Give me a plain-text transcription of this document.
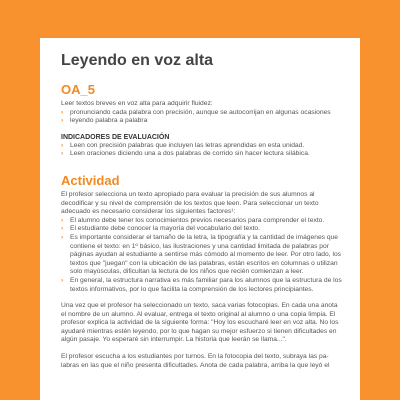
Leyendo en voz alta
OA_5

Leer textos breves en voz alta para adquirir fluidez:

› pronunciando cada palabra con precisión, aunque se autocorrijan en algunas ocasiones
› leyendo palabra a palabra
INDICADORES DE EVALUACIÓN
› Leen con precisión palabras que incluyen las letras aprendidas en esta unidad.
› Leen oraciones diciendo una a dos palabras de corrido sin hacer lectura silábica.
Actividad
El profesor selecciona un texto apropiado para evaluar la precisión de sus alumnos al
decodificar y su nivel de comprensión de los textos que leen. Para seleccionar un texto
adecuado es necesario considerar los siguientes factores¹:
› El alumno debe tener los conocimientos previos necesarios para comprender el texto.
› El estudiante debe conocer la mayoría del vocabulario del texto.
› Es importante considerar el tamaño de la letra, la tipografía y la cantidad de imágenes que
contiene el texto: en 1º básico, las ilustraciones y una cantidad limitada de palabras por
páginas ayudan al estudiante a sentirse más cómodo al momento de leer. Por otro lado, los
textos que "juegan" con la ubicación de las palabras, están escritos en columnas o utilizan
solo mayúsculas, dificultan la lectura de los niños que recién comienzan a leer.
› En general, la estructura narrativa es más familiar para los alumnos que la estructura de los
textos informativos, por lo que facilita la comprensión de los lectores principiantes.
Una vez que el profesor ha seleccionado un texto, saca varias fotocopias. En cada una anota
el nombre de un alumno. Al evaluar, entrega el texto original al alumno o una copia limpia. El
profesor explica la actividad de la siguiente forma: "Hoy los escucharé leer en voz alta. No los
ayudaré mientras estén leyendo, por lo que hagan su mejor esfuerzo si tienen dificultades en
algún pasaje. Yo esperaré sin interrumpir. La historia que leerán se llama...".
El profesor escucha a los estudiantes por turnos. En la fotocopia del texto, subraya las pa-
labras en las que el niño presenta dificultades. Anota de cada palabra, arriba la que leyó el
